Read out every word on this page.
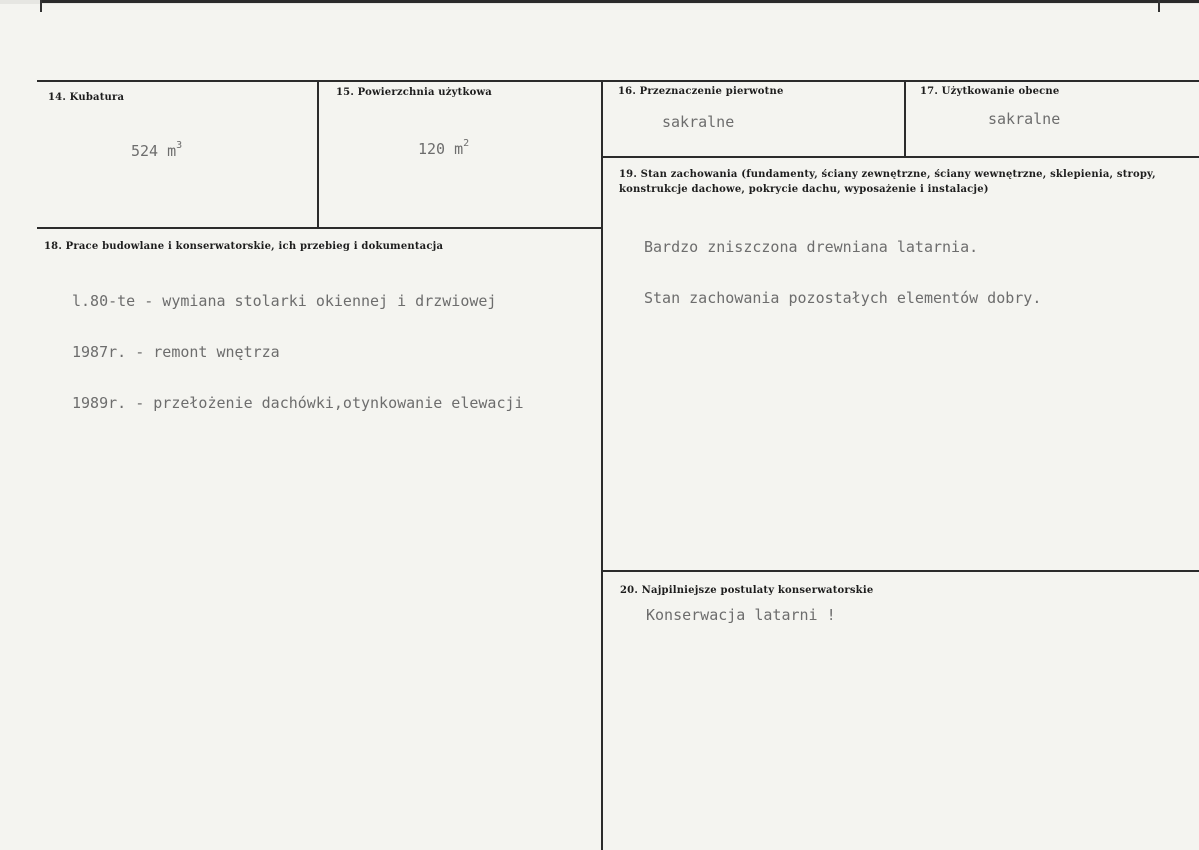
14. Kubatura
524 $m^3$
15. Powierzchnia użytkowa
120 $m^2$
16. Przeznaczenie pierwotne
sakralne
17. Użytkowanie obecne
sakralne
18. Prace budowlane i konserwatorskie, ich przebieg i dokumentacja

l.80-te - wymiana stolarki okiennej i drzwiowej

1987r. - remont wnętrza

1989r. - przełożenie dachówki,otynkowanie elewacji

19. Stan zachowania (fundamenty, ściany zewnętrzne, ściany wewnętrzne, sklepienia, stropy, konstrukcje dachowe, pokrycie dachu, wyposażenie i instalacje)

Bardzo zniszczona drewniana latarnia.

Stan zachowania pozostałych elementów dobry.

20. Najpilniejsze postulaty konserwatorskie
Konserwacja latarni !
